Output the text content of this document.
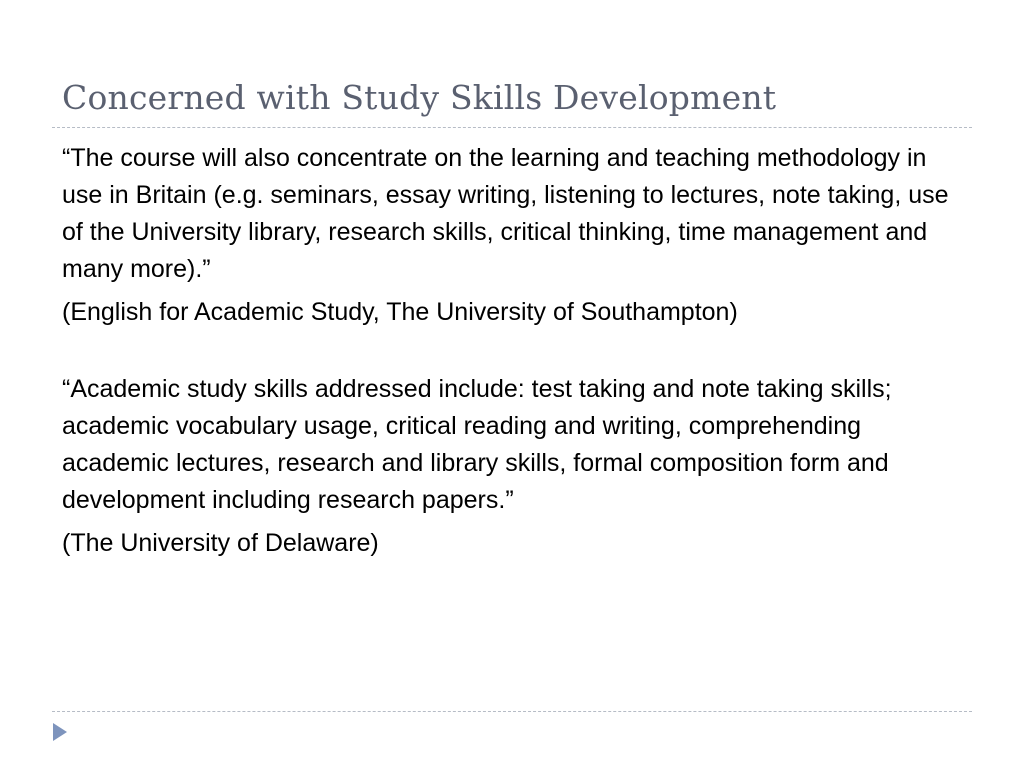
Concerned with Study Skills Development

“The course will also concentrate on the learning and teaching methodology in use in Britain (e.g. seminars, essay writing, listening to lectures, note taking, use of the University library, research skills, critical thinking, time management and many more).”

(English for Academic Study, The University of Southampton)

“Academic study skills addressed include: test taking and note taking skills; academic vocabulary usage, critical reading and writing, comprehending academic lectures, research and library skills, formal composition form and development including research papers.”

(The University of Delaware)
